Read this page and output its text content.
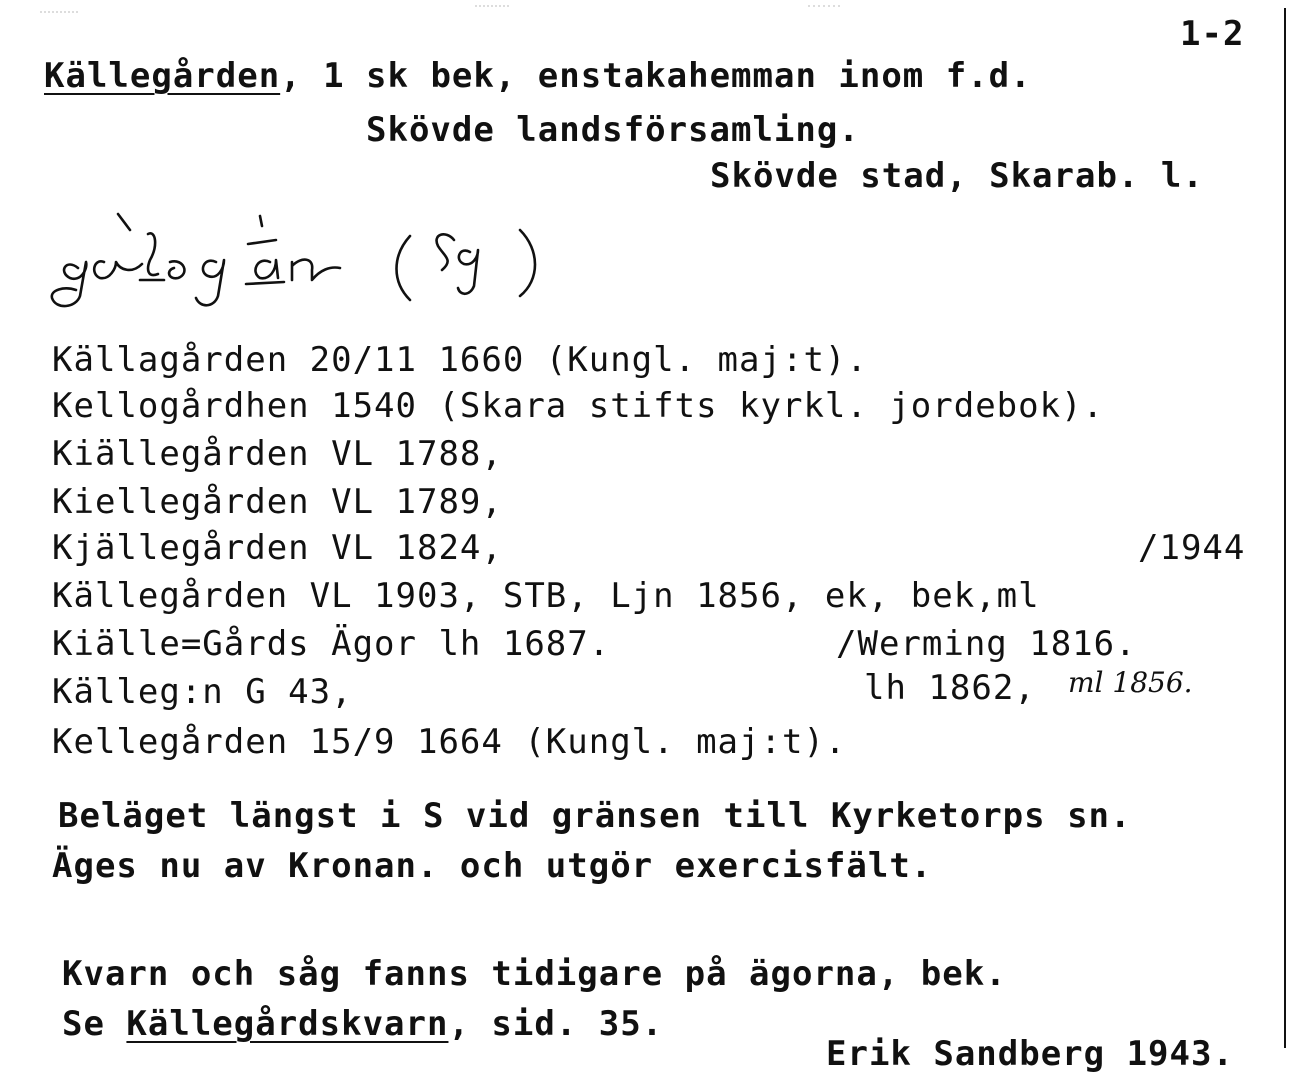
1-2
Källegården, 1 sk bek, enstakahemman inom f.d.
Skövde landsförsamling.
Skövde stad, Skarab. l.
Källagården 20/11 1660 (Kungl. maj:t).
Kellogårdhen 1540 (Skara stifts kyrkl. jordebok).
Kiällegården VL 1788,
Kiellegården VL 1789,
Kjällegården VL 1824,
Källegården VL 1903, STB, Ljn 1856, ek, bek,ml
Kiälle=Gårds Ägor lh 1687.
Källeg:n G 43,
Kellegården 15/9 1664 (Kungl. maj:t).
/1944
/Werming 1816.
lh 1862, ml 1856.
Beläget längst i S vid gränsen till Kyrketorps sn.
Äges nu av Kronan. och utgör exercisfält.
Kvarn och såg fanns tidigare på ägorna, bek.
Se Källegårdskvarn, sid. 35.
Erik Sandberg 1943.
